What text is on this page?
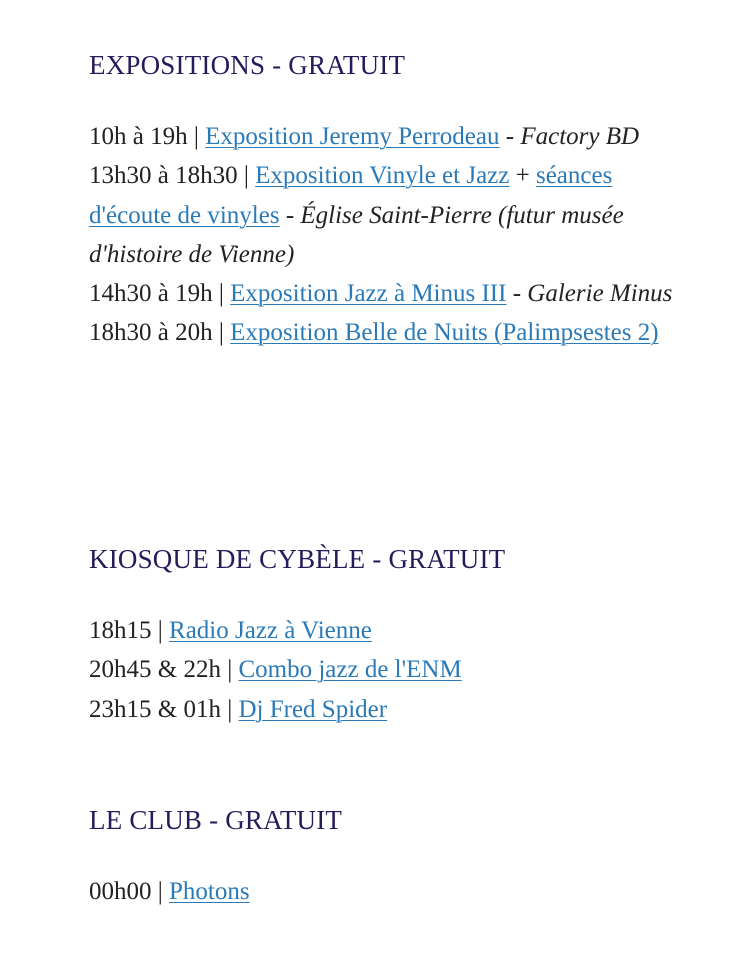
EXPOSITIONS - GRATUIT
10h à 19h | Exposition Jeremy Perrodeau - Factory BD
13h30 à 18h30 | Exposition Vinyle et Jazz + séances d'écoute de vinyles - Église Saint-Pierre (futur musée d'histoire de Vienne)
14h30 à 19h | Exposition Jazz à Minus III - Galerie Minus
18h30 à 20h | Exposition Belle de Nuits (Palimpsestes 2)
KIOSQUE DE CYBÈLE - GRATUIT
18h15 | Radio Jazz à Vienne
20h45 & 22h | Combo jazz de l'ENM
23h15 & 01h | Dj Fred Spider
LE CLUB - GRATUIT
00h00 | Photons
